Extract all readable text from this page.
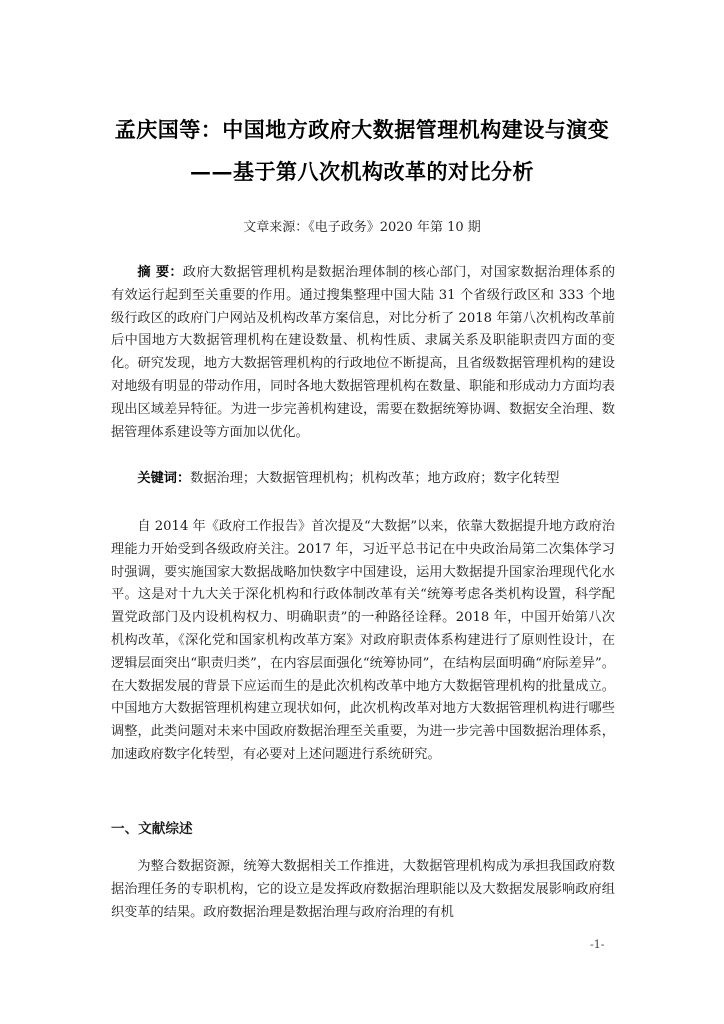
孟庆国等：中国地方政府大数据管理机构建设与演变
——基于第八次机构改革的对比分析
文章来源：《电子政务》2020 年第 10 期
摘 要：政府大数据管理机构是数据治理体制的核心部门，对国家数据治理体系的有效运行起到至关重要的作用。通过搜集整理中国大陆 31 个省级行政区和 333 个地级行政区的政府门户网站及机构改革方案信息，对比分析了 2018 年第八次机构改革前后中国地方大数据管理机构在建设数量、机构性质、隶属关系及职能职责四方面的变化。研究发现，地方大数据管理机构的行政地位不断提高，且省级数据管理机构的建设对地级有明显的带动作用，同时各地大数据管理机构在数量、职能和形成动力方面均表现出区域差异特征。为进一步完善机构建设，需要在数据统筹协调、数据安全治理、数据管理体系建设等方面加以优化。
关键词：数据治理；大数据管理机构；机构改革；地方政府；数字化转型
自 2014 年《政府工作报告》首次提及“大数据”以来，依靠大数据提升地方政府治理能力开始受到各级政府关注。2017 年，习近平总书记在中央政治局第二次集体学习时强调，要实施国家大数据战略加快数字中国建设，运用大数据提升国家治理现代化水平。这是对十九大关于深化机构和行政体制改革有关“统筹考虑各类机构设置，科学配置党政部门及内设机构权力、明确职责”的一种路径诠释。2018 年，中国开始第八次机构改革，《深化党和国家机构改革方案》对政府职责体系构建进行了原则性设计，在逻辑层面突出“职责归类”，在内容层面强化“统筹协同”，在结构层面明确“府际差异”。在大数据发展的背景下应运而生的是此次机构改革中地方大数据管理机构的批量成立。中国地方大数据管理机构建立现状如何，此次机构改革对地方大数据管理机构进行哪些调整，此类问题对未来中国政府数据治理至关重要，为进一步完善中国数据治理体系，加速政府数字化转型，有必要对上述问题进行系统研究。
一、文献综述
为整合数据资源，统筹大数据相关工作推进，大数据管理机构成为承担我国政府数据治理任务的专职机构，它的设立是发挥政府数据治理职能以及大数据发展影响政府组织变革的结果。政府数据治理是数据治理与政府治理的有机
-1-
